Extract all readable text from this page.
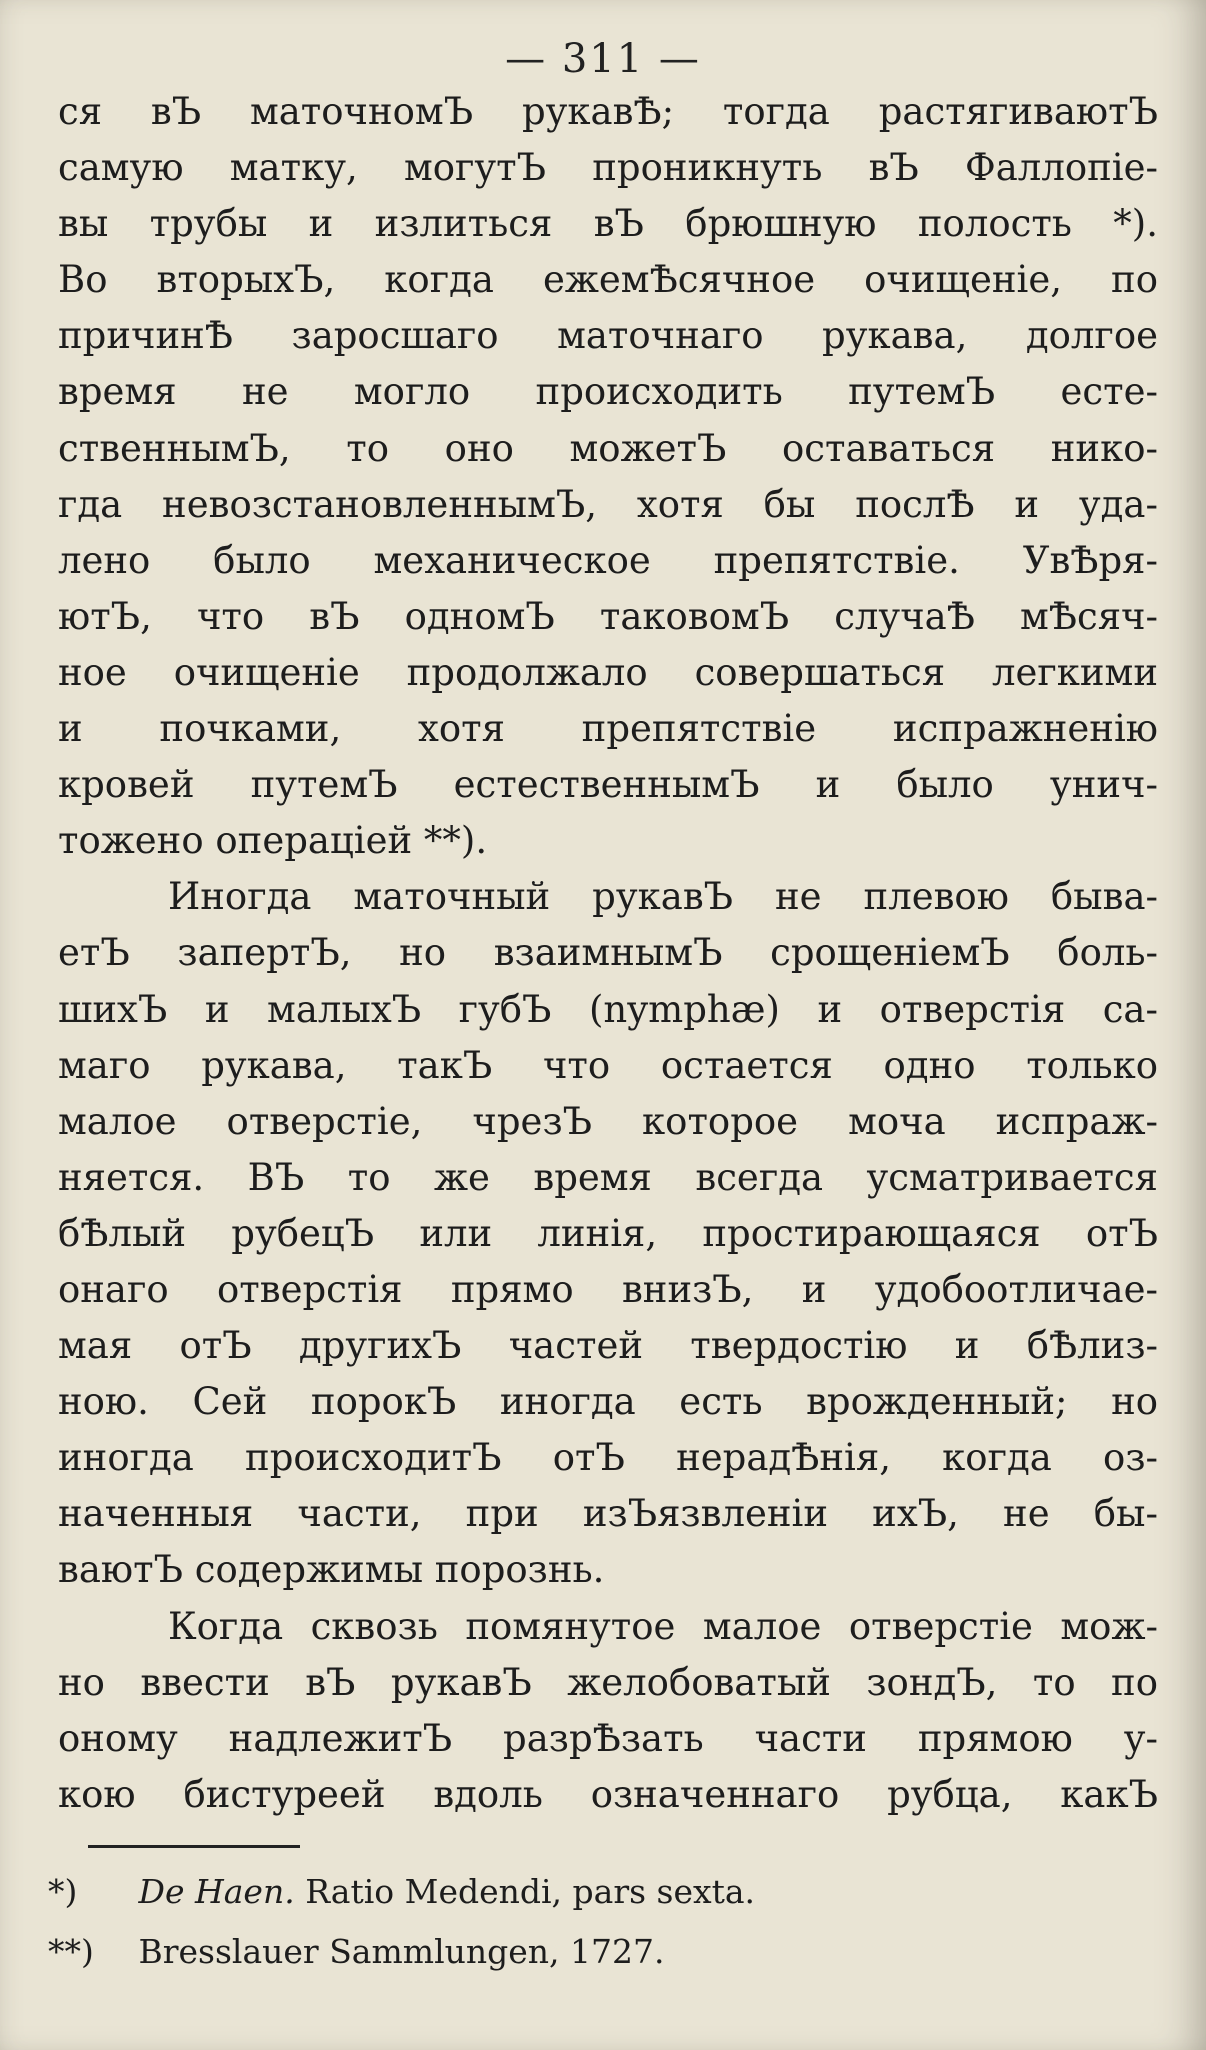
— 311 —
ся вЪ маточномЪ рукавѢ; тогда растягиваютЪ
самую матку, могутЪ проникнуть вЪ Фаллопіе-
вы трубы и излиться вЪ брюшную полость *).
Во вторыхЪ, когда ежемѢсячное очищеніе, по
причинѢ заросшаго маточнаго рукава, долгое
время не могло происходить путемЪ есте-
ственнымЪ, то оно можетЪ оставаться нико-
гда невозстановленнымЪ, хотя бы послѢ и уда-
лено было механическое препятствіе. УвѢря-
ютЪ, что вЪ одномЪ таковомЪ случаѢ мѢсяч-
ное очищеніе продолжало совершаться легкими
и почками, хотя препятствіе испражненію
кровей путемЪ естественнымЪ и было унич-
тожено операціей **).
Иногда маточный рукавЪ не плевою быва-
етЪ запертЪ, но взаимнымЪ срощеніемЪ боль-
шихЪ и малыхЪ губЪ (nymphæ) и отверстія са-
маго рукава, такЪ что остается одно только
малое отверстіе, чрезЪ которое моча испраж-
няется. ВЪ то же время всегда усматривается
бѢлый рубецЪ или линія, простирающаяся отЪ
онаго отверстія прямо внизЪ, и удобоотличае-
мая отЪ другихЪ частей твердостію и бѢлиз-
ною. Сей порокЪ иногда есть врожденный; но
иногда происходитЪ отЪ нерадѢнія, когда оз-
наченныя части, при изЪязвленіи ихЪ, не бы-
ваютЪ содержимы порознь.
Когда сквозь помянутое малое отверстіе мож-
но ввести вЪ рукавЪ желобоватый зондЪ, то по
оному надлежитЪ разрѢзать части прямою у-
кою бистуреей вдоль означеннаго рубца, какЪ
*) De Haen. Ratio Medendi, pars sexta.
**) Bresslauer Sammlungen, 1727.
